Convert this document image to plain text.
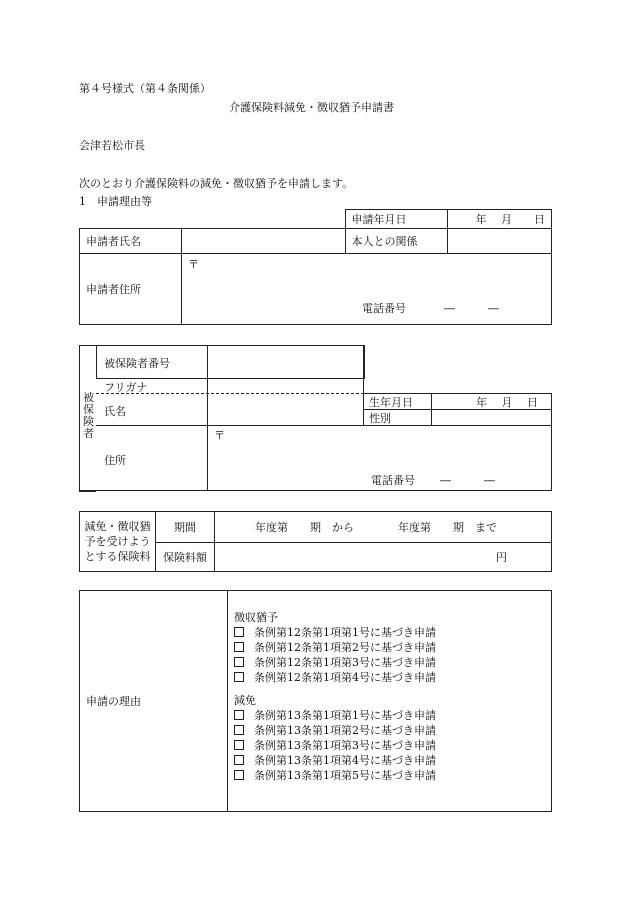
第４号様式（第４条関係）
介護保険料減免・徴収猶予申請書
会津若松市長
次のとおり介護保険料の減免・徴収猶予を申請します。
1　申請理由等
		申請年月日	年　 月　　日
申請者氏名		本人との関係	
申請者住所	〒
電話番号 ―　　　―		
被保険者
被保険者番号
フリガナ
氏名
生年月日	年　 月　 日
性別
住所
〒
電話番号 ―　　　―
減免・徴収猶予を受けようとする保険料	期間	年度第　　期　から　　　　年度第　　期　まで
	保険料額	円
申請の理由	
徴収猶予
条例第12条第1項第1号に基づき申請
条例第12条第1項第2号に基づき申請
条例第12条第1項第3号に基づき申請
条例第12条第1項第4号に基づき申請
減免
条例第13条第1項第1号に基づき申請
条例第13条第1項第2号に基づき申請
条例第13条第1項第3号に基づき申請
条例第13条第1項第4号に基づき申請
条例第13条第1項第5号に基づき申請
